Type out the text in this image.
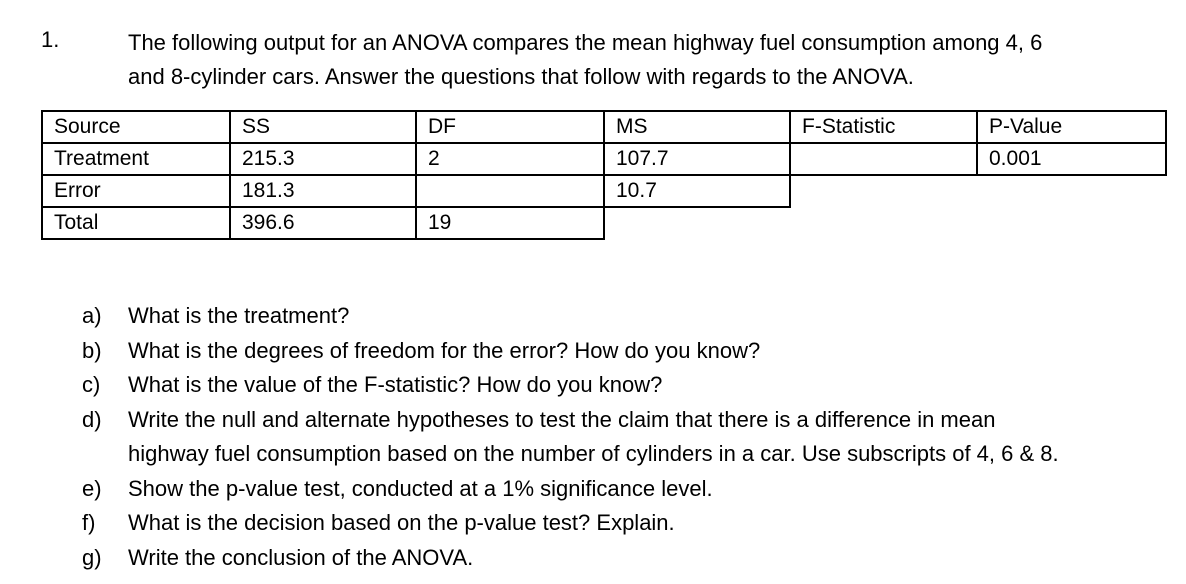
1.	The following output for an ANOVA compares the mean highway fuel consumption among 4, 6
and 8-cylinder cars. Answer the questions that follow with regards to the ANOVA.
Source	SS	DF	MS	F-Statistic	P-Value
Treatment	215.3	2	107.7		0.001
Error	181.3		10.7		
Total	396.6	19			
a) What is the treatment?
b) What is the degrees of freedom for the error? How do you know?
c) What is the value of the F-statistic? How do you know?
d) Write the null and alternate hypotheses to test the claim that there is a difference in mean
highway fuel consumption based on the number of cylinders in a car. Use subscripts of 4, 6 & 8.
e) Show the p-value test, conducted at a 1% significance level.
f) What is the decision based on the p-value test? Explain.
g) Write the conclusion of the ANOVA.
